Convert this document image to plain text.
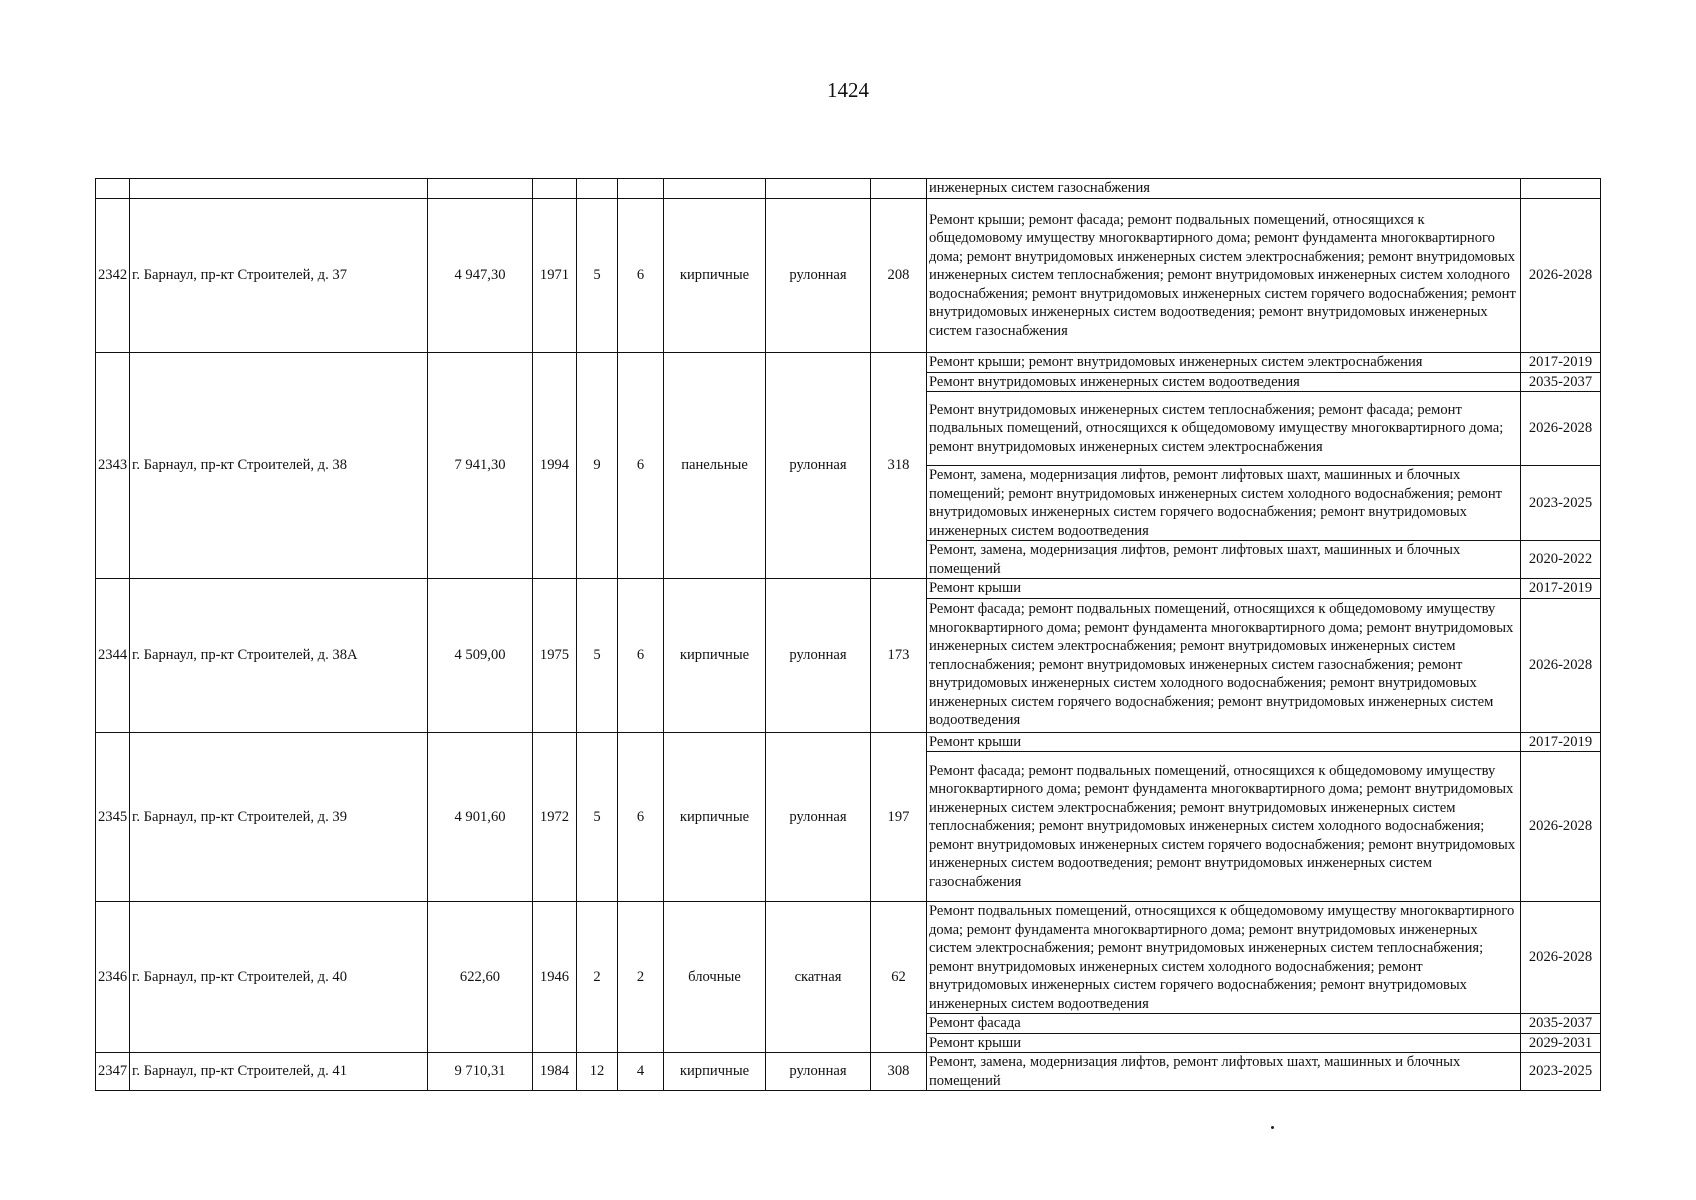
1424
									инженерных систем газоснабжения	
2342	г. Барнаул, пр-кт Строителей, д. 37	4 947,30	1971	5	6	кирпичные	рулонная	208	Ремонт крыши; ремонт фасада; ремонт подвальных помещений, относящихся к общедомовому имуществу многоквартирного дома; ремонт фундамента многоквартирного дома; ремонт внутридомовых инженерных систем электроснабжения; ремонт внутридомовых инженерных систем теплоснабжения; ремонт внутридомовых инженерных систем холодного водоснабжения; ремонт внутридомовых инженерных систем горячего водоснабжения; ремонт внутридомовых инженерных систем водоотведения; ремонт внутридомовых инженерных систем газоснабжения	2026-2028
2343	г. Барнаул, пр-кт Строителей, д. 38	7 941,30	1994	9	6	панельные	рулонная	318	Ремонт крыши; ремонт внутридомовых инженерных систем электроснабжения	2017-2019
									Ремонт внутридомовых инженерных систем водоотведения	2035-2037
									Ремонт внутридомовых инженерных систем теплоснабжения; ремонт фасада; ремонт подвальных помещений, относящихся к общедомовому имуществу многоквартирного дома; ремонт внутридомовых инженерных систем электроснабжения	2026-2028
									Ремонт, замена, модернизация лифтов, ремонт лифтовых шахт, машинных и блочных помещений; ремонт внутридомовых инженерных систем холодного водоснабжения; ремонт внутридомовых инженерных систем горячего водоснабжения; ремонт внутридомовых инженерных систем водоотведения	2023-2025
									Ремонт, замена, модернизация лифтов, ремонт лифтовых шахт, машинных и блочных помещений	2020-2022
2344	г. Барнаул, пр-кт Строителей, д. 38А	4 509,00	1975	5	6	кирпичные	рулонная	173	Ремонт крыши	2017-2019
									Ремонт фасада; ремонт подвальных помещений, относящихся к общедомовому имуществу многоквартирного дома; ремонт фундамента многоквартирного дома; ремонт внутридомовых инженерных систем электроснабжения; ремонт внутридомовых инженерных систем теплоснабжения; ремонт внутридомовых инженерных систем газоснабжения; ремонт внутридомовых инженерных систем холодного водоснабжения; ремонт внутридомовых инженерных систем горячего водоснабжения; ремонт внутридомовых инженерных систем водоотведения	2026-2028
2345	г. Барнаул, пр-кт Строителей, д. 39	4 901,60	1972	5	6	кирпичные	рулонная	197	Ремонт крыши	2017-2019
									Ремонт фасада; ремонт подвальных помещений, относящихся к общедомовому имуществу многоквартирного дома; ремонт фундамента многоквартирного дома; ремонт внутридомовых инженерных систем электроснабжения; ремонт внутридомовых инженерных систем теплоснабжения; ремонт внутридомовых инженерных систем холодного водоснабжения; ремонт внутридомовых инженерных систем горячего водоснабжения; ремонт внутридомовых инженерных систем водоотведения; ремонт внутридомовых инженерных систем газоснабжения	2026-2028
2346	г. Барнаул, пр-кт Строителей, д. 40	622,60	1946	2	2	блочные	скатная	62	Ремонт подвальных помещений, относящихся к общедомовому имуществу многоквартирного дома; ремонт фундамента многоквартирного дома; ремонт внутридомовых инженерных систем электроснабжения; ремонт внутридомовых инженерных систем теплоснабжения; ремонт внутридомовых инженерных систем холодного водоснабжения; ремонт внутридомовых инженерных систем горячего водоснабжения; ремонт внутридомовых инженерных систем водоотведения	2026-2028
									Ремонт фасада	2035-2037
									Ремонт крыши	2029-2031
2347	г. Барнаул, пр-кт Строителей, д. 41	9 710,31	1984	12	4	кирпичные	рулонная	308	Ремонт, замена, модернизация лифтов, ремонт лифтовых шахт, машинных и блочных помещений	2023-2025
